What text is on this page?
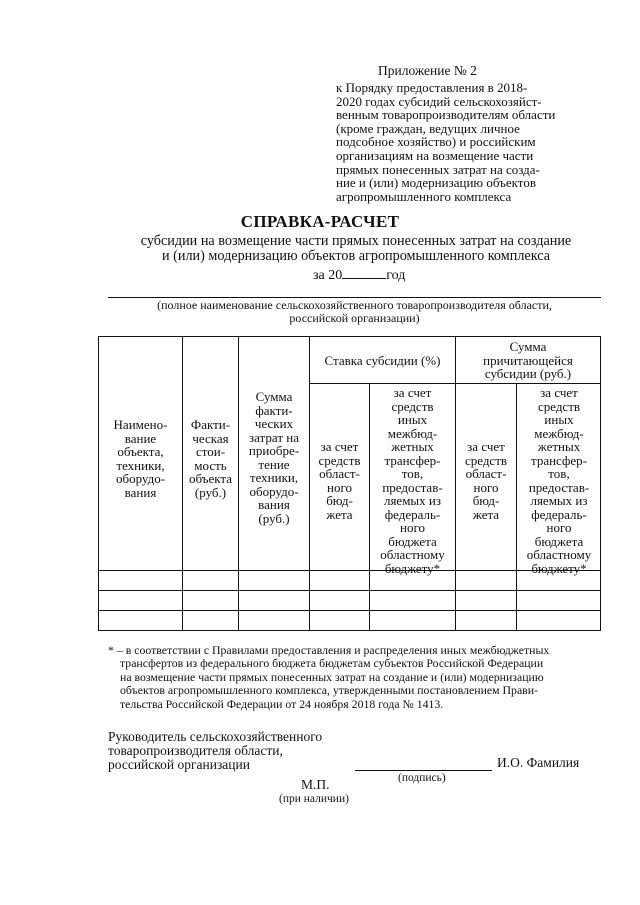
Приложение № 2
к Порядку предоставления в 2018-
2020 годах субсидий сельскохозяйст-
венным товаропроизводителям области
(кроме граждан, ведущих личное
подсобное хозяйство) и российским
организациям на возмещение части
прямых понесенных затрат на созда-
ние и (или) модернизацию объектов
агропромышленного комплекса
СПРАВКА-РАСЧЕТ
субсидии на возмещение части прямых понесенных затрат на создание
и (или) модернизацию объектов агропромышленного комплекса
за 20	год
(полное наименование сельскохозяйственного товаропроизводителя области,
российской организации)
Наимено-
вание
объекта,
техники,
оборудо-
вания
Факти-
ческая
стои-
мость
объекта
(руб.)
Сумма
факти-
ческих
затрат на
приобре-
тение
техники,
оборудо-
вания
(руб.)
Ставка субсидии (%)
Сумма
причитающейся
субсидии (руб.)
за счет
средств
област-
ного
бюд-
жета
за счет
средств
иных
межбюд-
жетных
трансфер-
тов,
предостав-
ляемых из
федераль-
ного
бюджета
областному
бюджету*
за счет
средств
област-
ного
бюд-
жета
за счет
средств
иных
межбюд-
жетных
трансфер-
тов,
предостав-
ляемых из
федераль-
ного
бюджета
областному
бюджету*
* – в соответствии с Правилами предоставления и распределения иных межбюджетных
трансфертов из федерального бюджета бюджетам субъектов Российской Федерации
на возмещение части прямых понесенных затрат на создание и (или) модернизацию
объектов агропромышленного комплекса, утвержденными постановлением Прави-
тельства Российской Федерации от 24 ноября 2018 года № 1413.
Руководитель сельскохозяйственного
товаропроизводителя области,
российской организации	И.О. Фамилия
(подпись)
М.П.
(при наличии)
